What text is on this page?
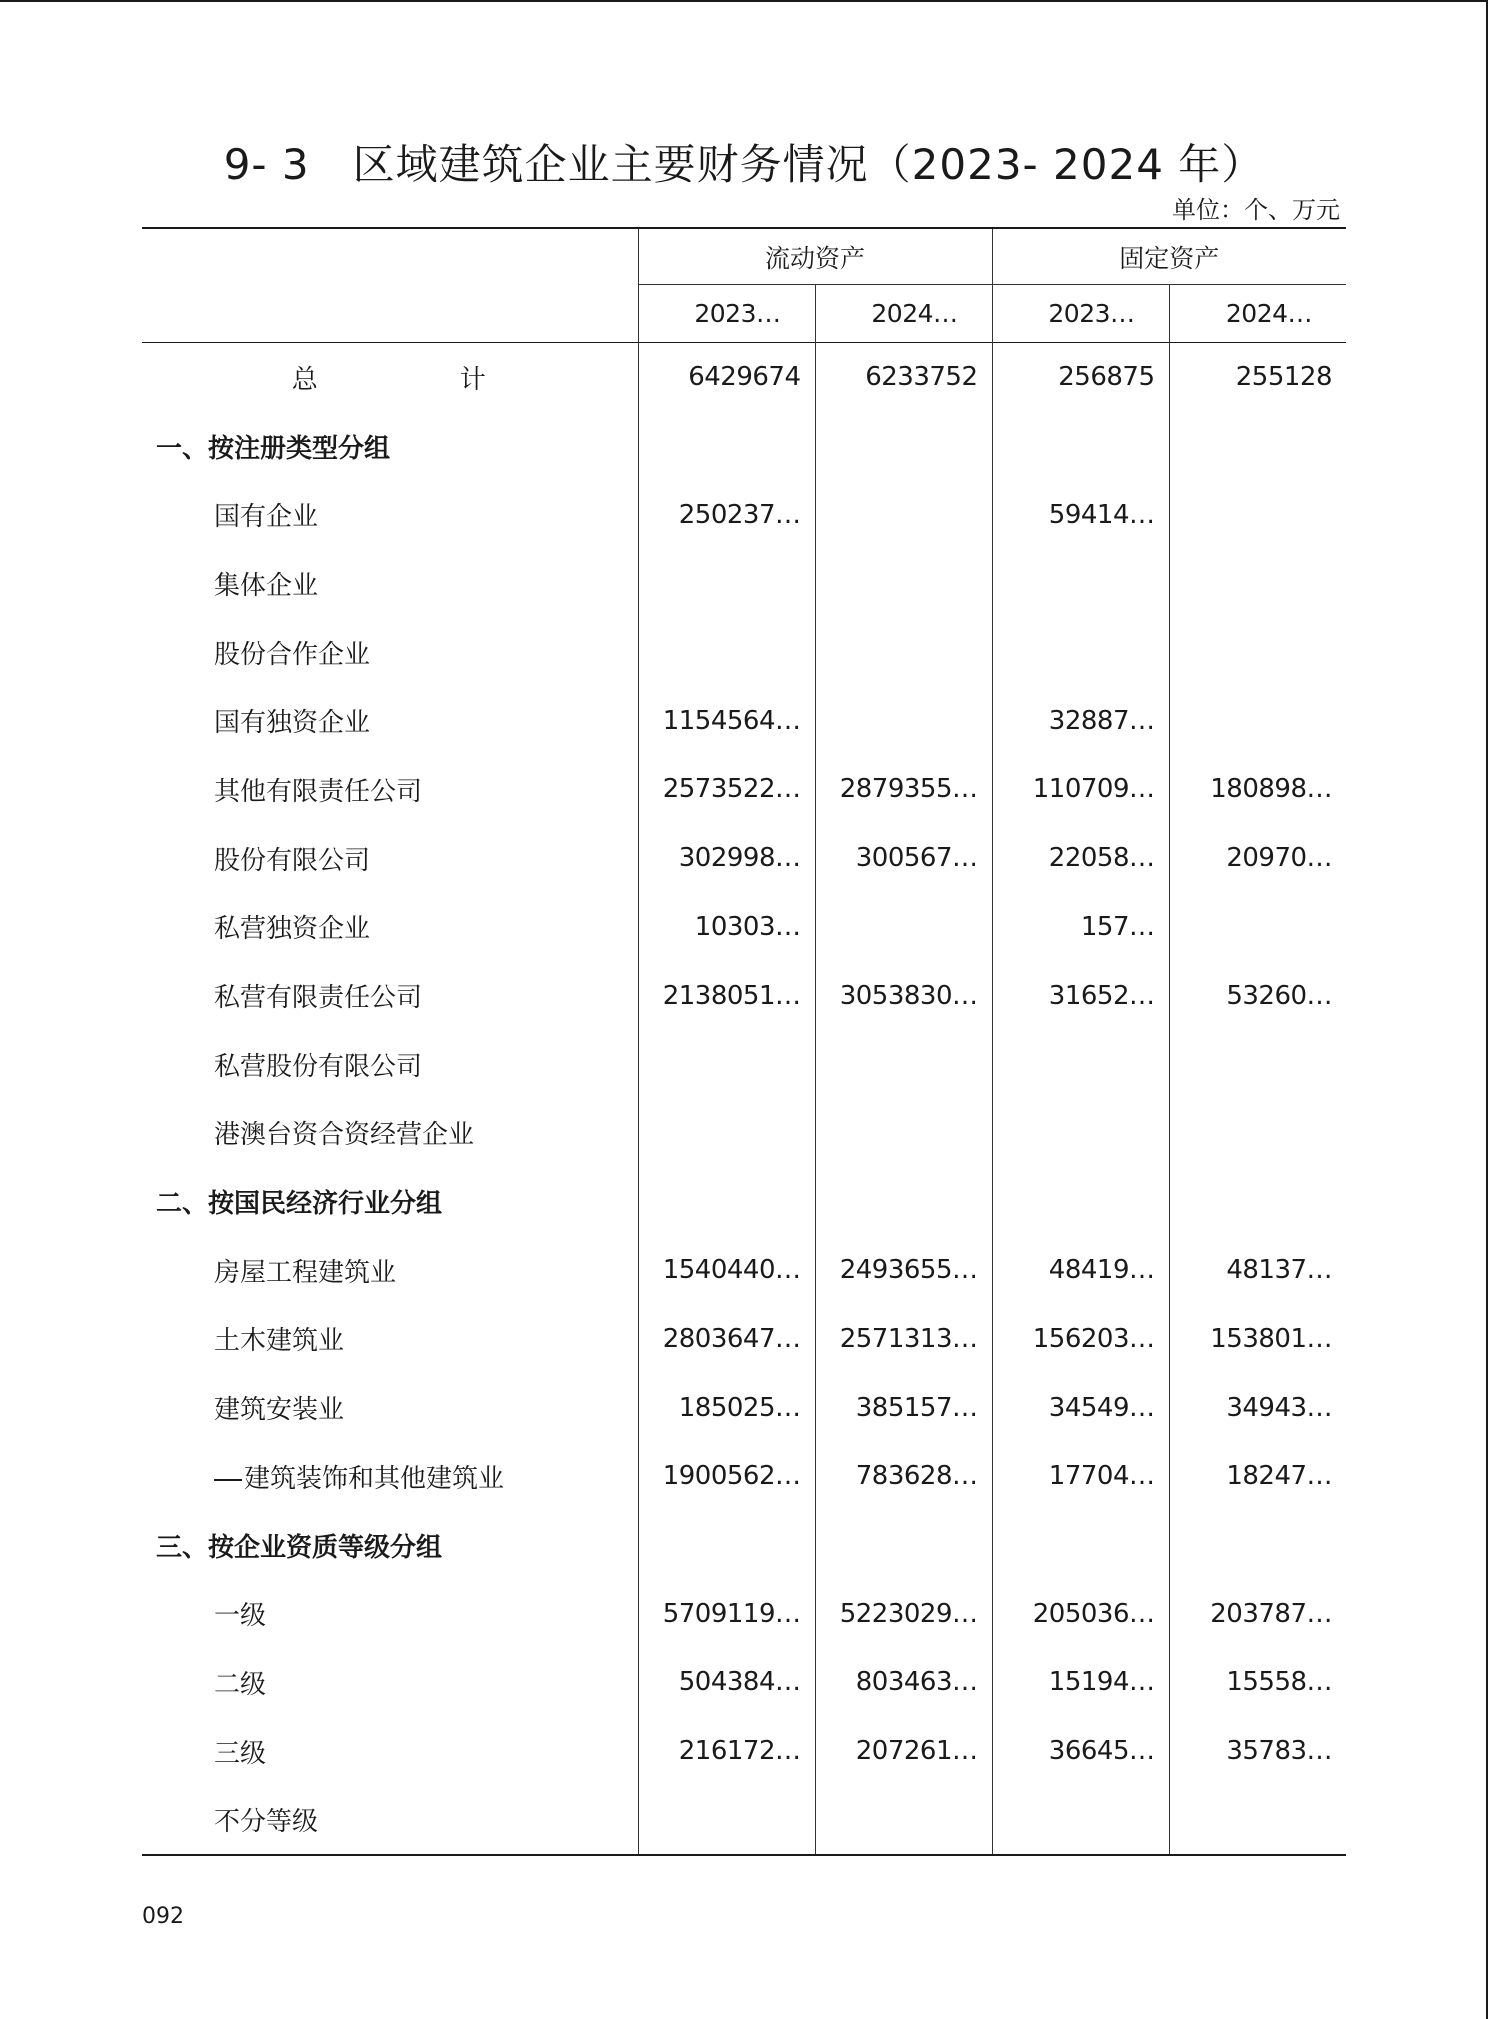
9- 3　区域建筑企业主要财务情况（2023- 2024 年）
单位：个、万元
	流动资产		固定资产	
	2023…	2024…	2023…	2024…
总　　计	6429674	6233752	256875	255128
一、按注册类型分组				
国有企业	250237…		59414…	
集体企业				
股份合作企业				
国有独资企业	1154564…		32887…	
其他有限责任公司	2573522…	2879355…	110709…	180898…
股份有限公司	302998…	300567…	22058…	20970…
私营独资企业	10303…		157…	
私营有限责任公司	2138051…	3053830…	31652…	53260…
私营股份有限公司				
港澳台资合资经营企业				
二、按国民经济行业分组				
房屋工程建筑业	1540440…	2493655…	48419…	48137…
土木建筑业	2803647…	2571313…	156203…	153801…
建筑安装业	185025…	385157…	34549…	34943…
建筑装饰和其他建筑业	1900562…	783628…	17704…	18247…
三、按企业资质等级分组				
一级	5709119…	5223029…	205036…	203787…
二级	504384…	803463…	15194…	15558…
三级	216172…	207261…	36645…	35783…
不分等级				
092
